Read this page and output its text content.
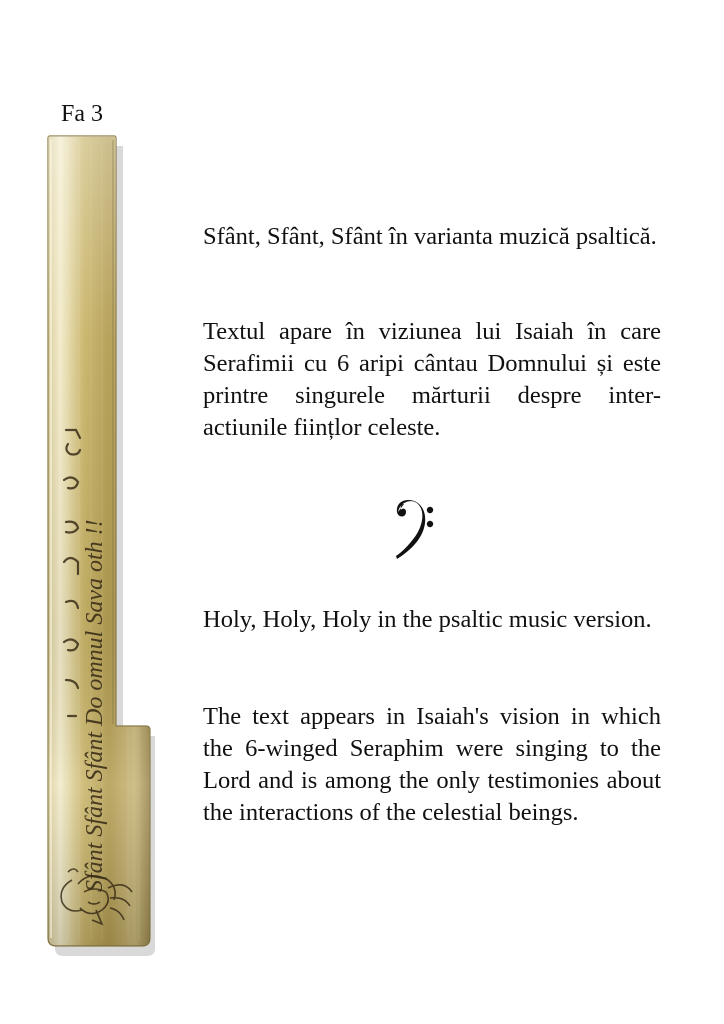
Fa 3
Sfânt Sfânt Sfânt Do omnul Sava oth !!

Sfânt, Sfânt, Sfânt în varianta muzică psaltică.

Textul apare în viziunea lui Isaiah în care Serafimii cu 6 aripi cântau Domnului și este printre singurele mărturii despre inter-actiunile ființlor celeste.

Holy, Holy, Holy in the psaltic music version.

The text appears in Isaiah's vision in which the 6-winged Seraphim were singing to the Lord and is among the only testimonies about the interactions of the celestial beings.
